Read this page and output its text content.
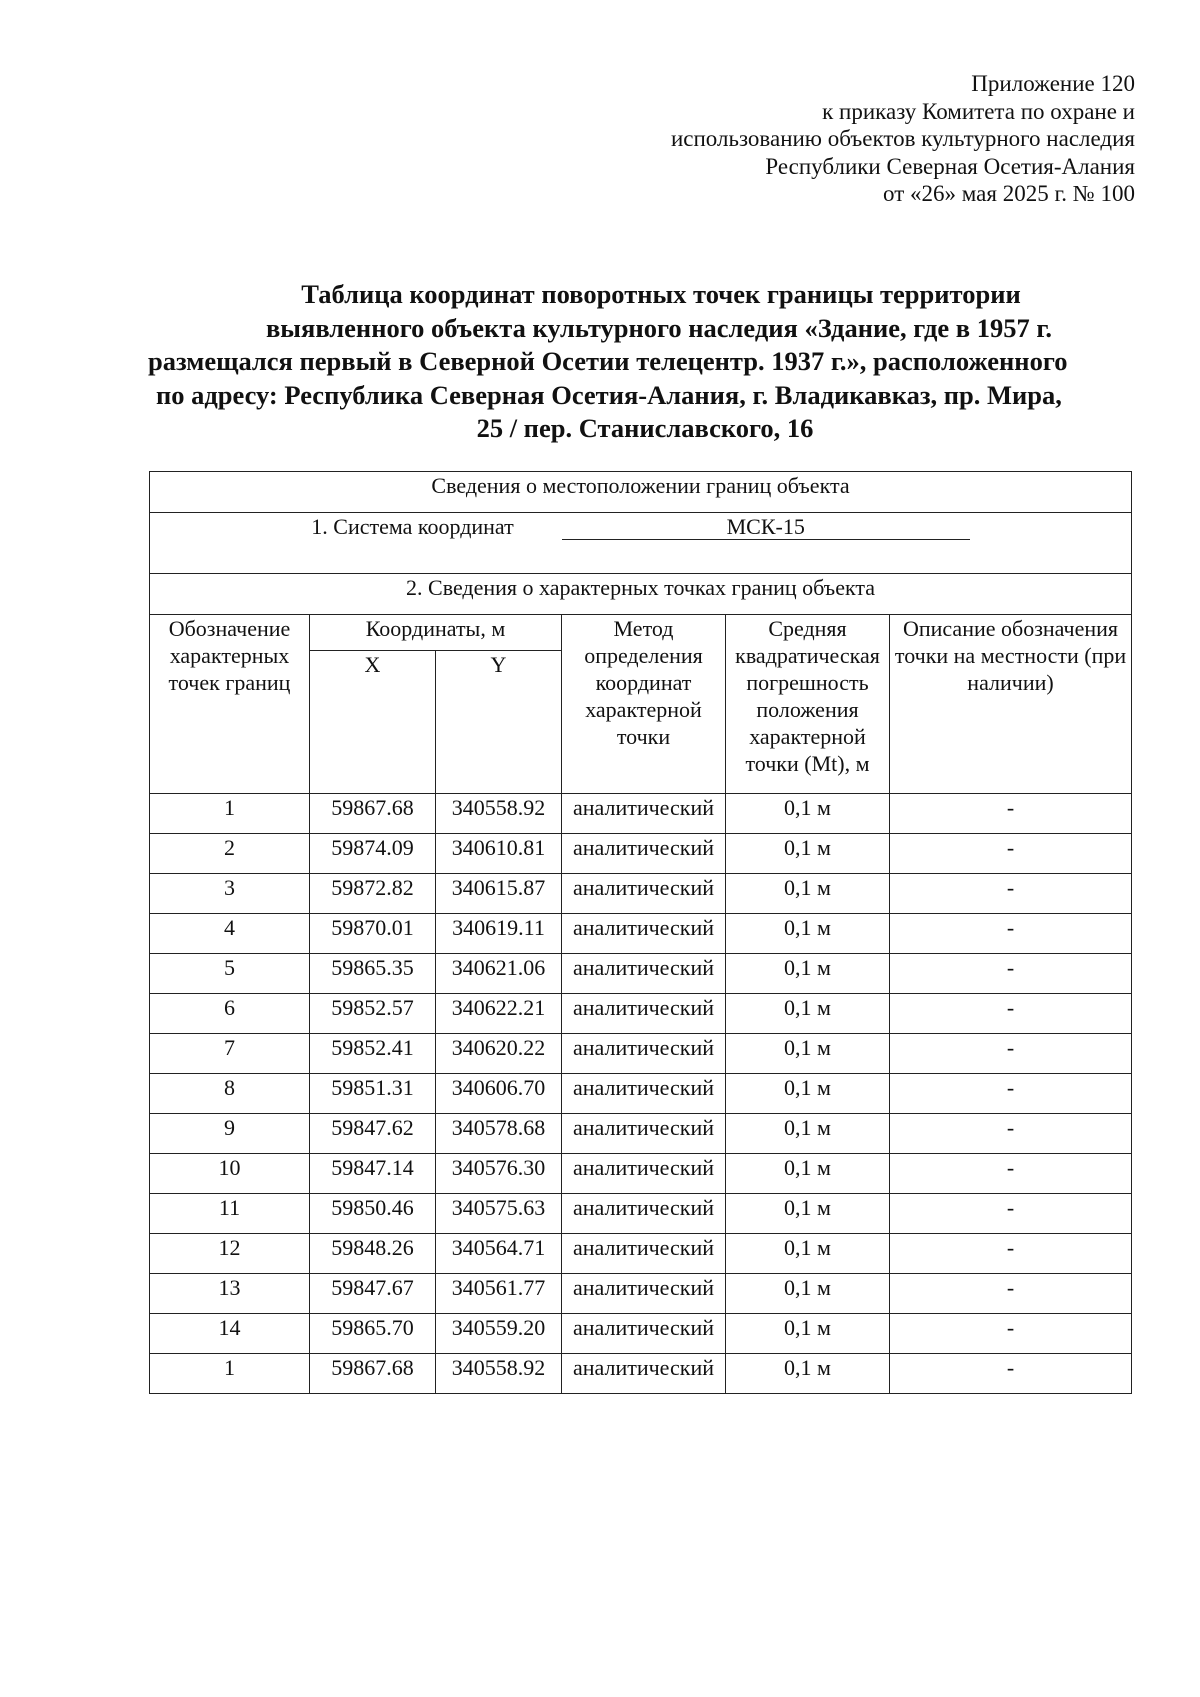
Приложение 120
к приказу Комитета по охране и
использованию объектов культурного наследия
Республики Северная Осетия-Алания
от «26» мая 2025 г. № 100
Таблица координат поворотных точек границы территории
выявленного объекта культурного наследия «Здание, где в 1957 г.
размещался первый в Северной Осетии телецентр. 1937 г.», расположенного
по адресу: Республика Северная Осетия-Алания, г. Владикавказ, пр. Мира,
25 / пер. Станиславского, 16
Сведения о местоположении границ объекта					
1. Система координат МСК-15					
2. Сведения о характерных точках границ объекта					
Обозначение характерных точек границ	Координаты, м		Метод определения координат характерной точки	Средняя квадратическая погрешность положения характерной точки (Mt), м	Описание обозначения точки на местности (при наличии)
	X	Y			
1	59867.68	340558.92	аналитический	0,1 м	-
2	59874.09	340610.81	аналитический	0,1 м	-
3	59872.82	340615.87	аналитический	0,1 м	-
4	59870.01	340619.11	аналитический	0,1 м	-
5	59865.35	340621.06	аналитический	0,1 м	-
6	59852.57	340622.21	аналитический	0,1 м	-
7	59852.41	340620.22	аналитический	0,1 м	-
8	59851.31	340606.70	аналитический	0,1 м	-
9	59847.62	340578.68	аналитический	0,1 м	-
10	59847.14	340576.30	аналитический	0,1 м	-
11	59850.46	340575.63	аналитический	0,1 м	-
12	59848.26	340564.71	аналитический	0,1 м	-
13	59847.67	340561.77	аналитический	0,1 м	-
14	59865.70	340559.20	аналитический	0,1 м	-
1	59867.68	340558.92	аналитический	0,1 м	-
